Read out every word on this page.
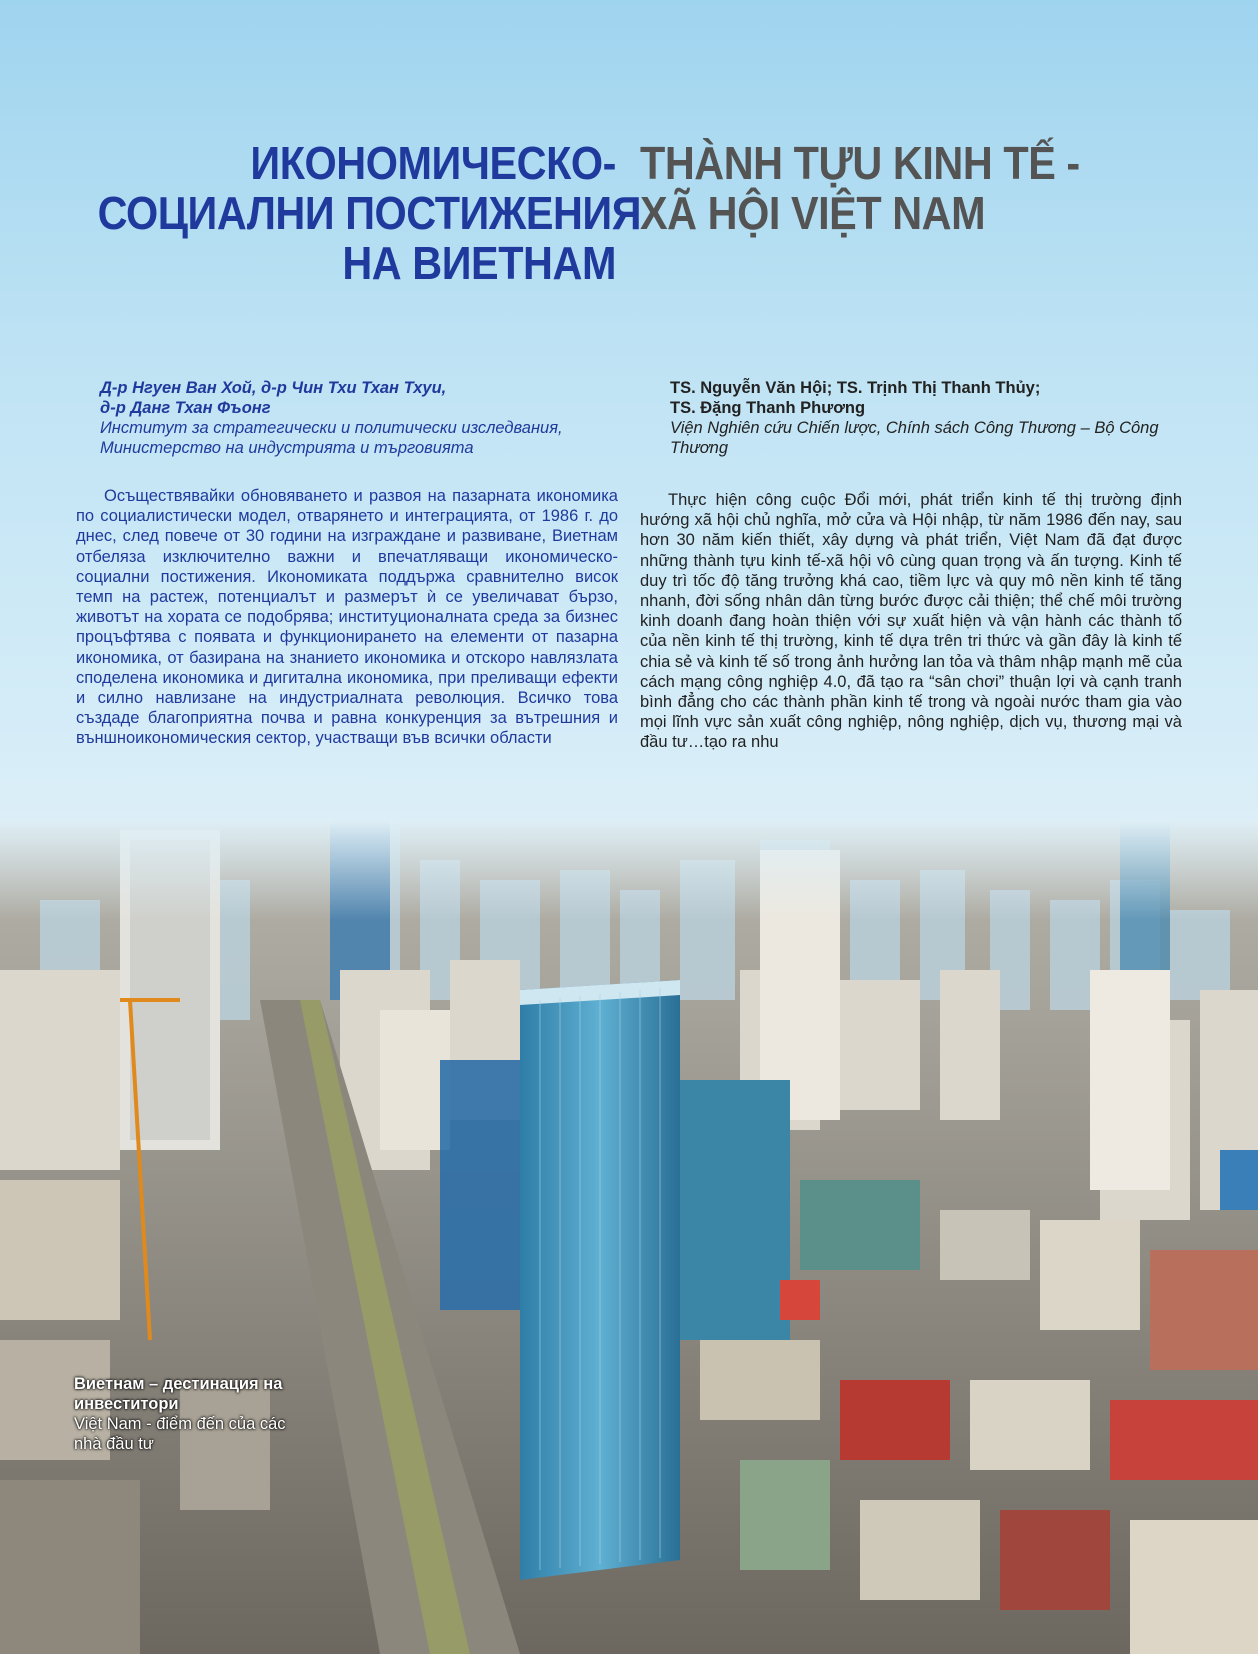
ИКОНОМИЧЕСКО-
СОЦИАЛНИ ПОСТИЖЕНИЯ
НА ВИЕТНАМ
THÀNH TỰU KINH TẾ -
XÃ HỘI VIỆT NAM
Д-р Нгуен Ван Хой, д-р Чин Тхи Тхан Тхуи,
д-р Данг Тхан Фъонг
Институт за стратегически и политически изследвания,
Министерство на индустрията и търговията
TS. Nguyễn Văn Hội; TS. Trịnh Thị Thanh Thủy;
TS. Đặng Thanh Phương
Viện Nghiên cứu Chiến lược, Chính sách Công Thương – Bộ Công Thương
Осъществявайки обновяването и развоя на пазарната икономика по социалистически модел, отварянето и интеграцията, от 1986 г. до днес, след повече от 30 години на изграждане и развиване, Виетнам отбеляза изключително важни и впечатляващи икономическо-социални постижения. Икономиката поддържа сравнително висок темп на растеж, потенциалът и размерът ѝ се увеличават бързо, животът на хората се подобрява; институционалната среда за бизнес процъфтява с появата и функционирането на елементи от пазарна икономика, от базирана на знанието икономика и отскоро навлязлата споделена икономика и дигитална икономика, при преливащи ефекти и силно навлизане на индустриалната революция. Всичко това създаде благоприятна почва и равна конкуренция за вътрешния и външноикономическия сектор, участващи във всички области
Thực hiện công cuộc Đổi mới, phát triển kinh tế thị trường định hướng xã hội chủ nghĩa, mở cửa và Hội nhập, từ năm 1986 đến nay, sau hơn 30 năm kiến thiết, xây dựng và phát triển, Việt Nam đã đạt được những thành tựu kinh tế-xã hội vô cùng quan trọng và ấn tượng. Kinh tế duy trì tốc độ tăng trưởng khá cao, tiềm lực và quy mô nền kinh tế tăng nhanh, đời sống nhân dân từng bước được cải thiện; thể chế môi trường kinh doanh đang hoàn thiện với sự xuất hiện và vận hành các thành tố của nền kinh tế thị trường, kinh tế dựa trên tri thức và gần đây là kinh tế chia sẻ và kinh tế số trong ảnh hưởng lan tỏa và thâm nhập mạnh mẽ của cách mạng công nghiệp 4.0, đã tạo ra “sân chơi” thuận lợi và cạnh tranh bình đẳng cho các thành phần kinh tế trong và ngoài nước tham gia vào mọi lĩnh vực sản xuất công nghiệp, nông nghiệp, dịch vụ, thương mại và đầu tư…tạo ra nhu
Виетнам – дестинация на инвеститори
Việt Nam - điểm đến của các nhà đầu tư
